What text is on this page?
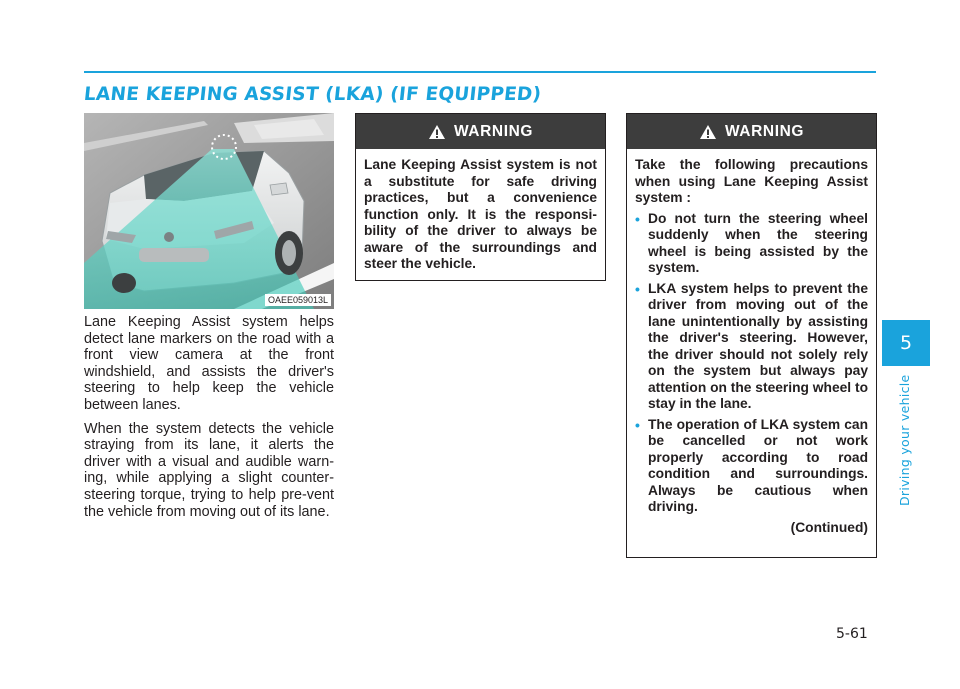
LANE KEEPING ASSIST (LKA) (IF EQUIPPED)
5
Driving your vehicle
OAEE059013L

Lane Keeping Assist system helps detect lane markers on the road with a front view camera at the front windshield, and assists the driver's steering to help keep the vehicle between lanes.

When the system detects the vehicle straying from its lane, it alerts the driver with a visual and audible warn-ing, while applying a slight counter-steering torque, trying to help pre-vent the vehicle from moving out of its lane.

WARNING

Lane Keeping Assist system is not a substitute for safe driving practices, but a convenience function only. It is the responsi-bility of the driver to always be aware of the surroundings and steer the vehicle.

WARNING

Take the following precautions when using Lane Keeping Assist system :

• Do not turn the steering wheel suddenly when the steering wheel is being assisted by the system.
• LKA system helps to prevent the driver from moving out of the lane unintentionally by assisting the driver's steering. However, the driver should not solely rely on the system but always pay attention on the steering wheel to stay in the lane.
• The operation of LKA system can be cancelled or not work properly according to road condition and surroundings. Always be cautious when driving.
(Continued)
5-61
